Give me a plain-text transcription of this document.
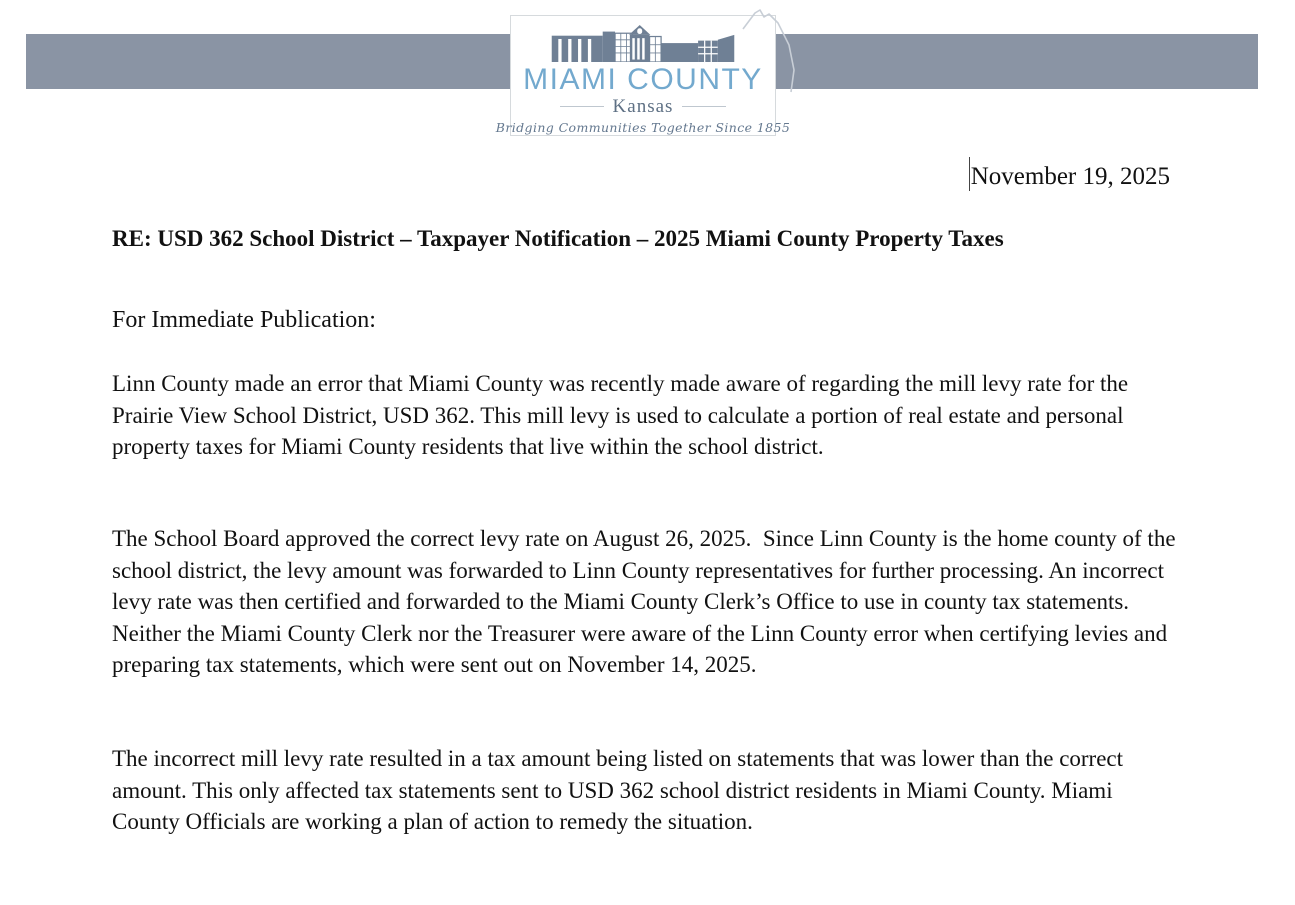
MIAMI COUNTY
Kansas
Bridging Communities Together Since 1855
November 19, 2025
RE: USD 362 School District – Taxpayer Notification – 2025 Miami County Property Taxes
For Immediate Publication:

Linn County made an error that Miami County was recently made aware of regarding the mill levy rate for the Prairie View School District, USD 362. This mill levy is used to calculate a portion of real estate and personal property taxes for Miami County residents that live within the school district.

The School Board approved the correct levy rate on August 26, 2025.  Since Linn County is the home county of the school district, the levy amount was forwarded to Linn County representatives for further processing. An incorrect levy rate was then certified and forwarded to the Miami County Clerk’s Office to use in county tax statements. Neither the Miami County Clerk nor the Treasurer were aware of the Linn County error when certifying levies and preparing tax statements, which were sent out on November 14, 2025.

The incorrect mill levy rate resulted in a tax amount being listed on statements that was lower than the correct amount. This only affected tax statements sent to USD 362 school district residents in Miami County. Miami County Officials are working a plan of action to remedy the situation.
